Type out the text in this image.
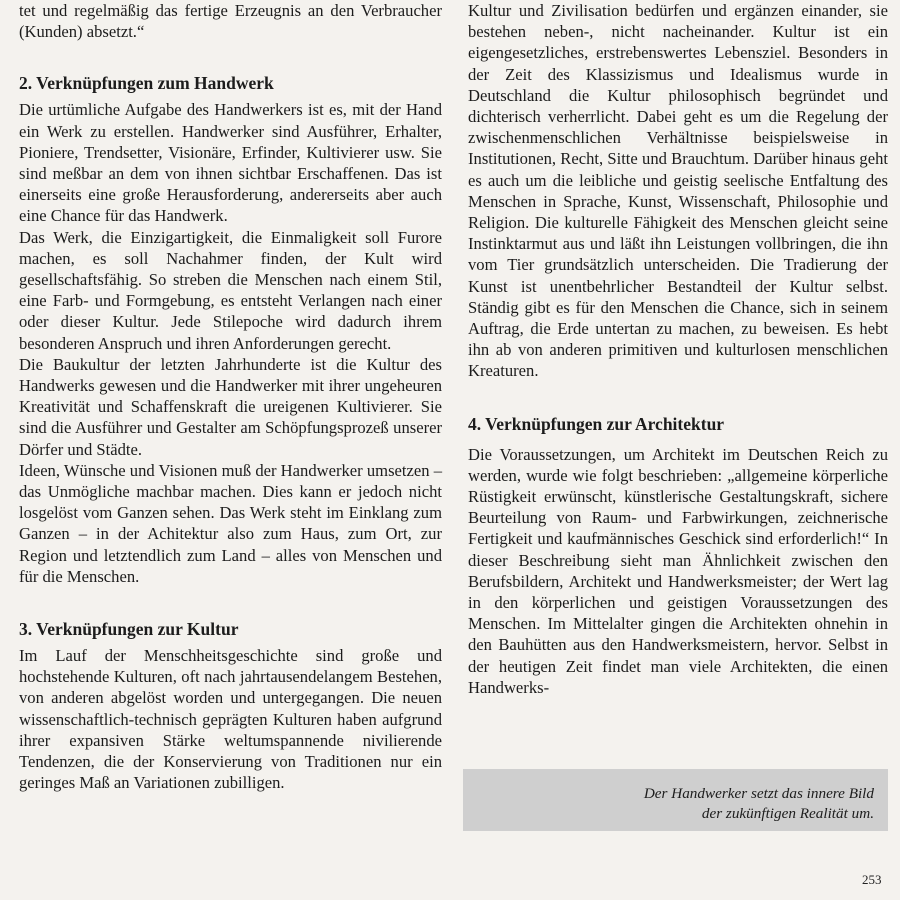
tet und regelmäßig das fertige Erzeugnis an den Verbraucher (Kunden) absetzt.“

2. Verknüpfungen zum Handwerk

Die urtümliche Aufgabe des Handwerkers ist es, mit der Hand ein Werk zu erstellen. Handwerker sind Ausführer, Erhalter, Pioniere, Trendsetter, Visionäre, Erfinder, Kultivierer usw. Sie sind meßbar an dem von ihnen sichtbar Erschaffenen. Das ist einerseits eine große Herausforderung, andererseits aber auch eine Chance für das Handwerk.

Das Werk, die Einzigartigkeit, die Einmaligkeit soll Furore machen, es soll Nachahmer finden, der Kult wird gesellschaftsfähig. So streben die Menschen nach einem Stil, eine Farb- und Formgebung, es entsteht Verlangen nach einer oder dieser Kultur. Jede Stilepoche wird dadurch ihrem besonderen Anspruch und ihren Anforderungen gerecht.

Die Baukultur der letzten Jahrhunderte ist die Kultur des Handwerks gewesen und die Handwerker mit ihrer ungeheuren Kreativität und Schaffenskraft die ureigenen Kultivierer. Sie sind die Ausführer und Gestalter am Schöpfungsprozeß unserer Dörfer und Städte.

Ideen, Wünsche und Visionen muß der Handwerker umsetzen – das Unmögliche machbar machen. Dies kann er jedoch nicht losgelöst vom Ganzen sehen. Das Werk steht im Einklang zum Ganzen – in der Achitektur also zum Haus, zum Ort, zur Region und letztendlich zum Land – alles von Menschen und für die Menschen.

3. Verknüpfungen zur Kultur

Im Lauf der Menschheitsgeschichte sind große und hochstehende Kulturen, oft nach jahrtausendelangem Bestehen, von anderen abgelöst worden und untergegangen. Die neuen wissenschaftlich-technisch geprägten Kulturen haben aufgrund ihrer expansiven Stärke weltumspannende nivilierende Tendenzen, die der Konservierung von Traditionen nur ein geringes Maß an Variationen zubilligen.

Kultur und Zivilisation bedürfen und ergänzen einander, sie bestehen neben-, nicht nacheinander. Kultur ist ein eigengesetzliches, erstrebenswertes Lebensziel. Besonders in der Zeit des Klassizismus und Idealismus wurde in Deutschland die Kultur philosophisch begründet und dichterisch verherrlicht. Dabei geht es um die Regelung der zwischenmenschlichen Verhältnisse beispielsweise in Institutionen, Recht, Sitte und Brauchtum. Darüber hinaus geht es auch um die leibliche und geistig seelische Entfaltung des Menschen in Sprache, Kunst, Wissenschaft, Philosophie und Religion. Die kulturelle Fähigkeit des Menschen gleicht seine Instinktarmut aus und läßt ihn Leistungen vollbringen, die ihn vom Tier grundsätzlich unterscheiden. Die Tradierung der Kunst ist unentbehrlicher Bestandteil der Kultur selbst. Ständig gibt es für den Menschen die Chance, sich in seinem Auftrag, die Erde untertan zu machen, zu beweisen. Es hebt ihn ab von anderen primitiven und kulturlosen menschlichen Kreaturen.

4. Verknüpfungen zur Architektur

Die Voraussetzungen, um Architekt im Deutschen Reich zu werden, wurde wie folgt beschrieben: „allgemeine körperliche Rüstigkeit erwünscht, künstlerische Gestaltungskraft, sichere Beurteilung von Raum- und Farbwirkungen, zeichnerische Fertigkeit und kaufmännisches Geschick sind erforderlich!“ In dieser Beschreibung sieht man Ähnlichkeit zwischen den Berufsbildern, Architekt und Handwerksmeister; der Wert lag in den körperlichen und geistigen Voraussetzungen des Menschen. Im Mittelalter gingen die Architekten ohnehin in den Bauhütten aus den Handwerksmeistern, hervor. Selbst in der heutigen Zeit findet man viele Architekten, die einen Handwerks-

Der Handwerker setzt das innere Bild
der zukünftigen Realität um.
253
